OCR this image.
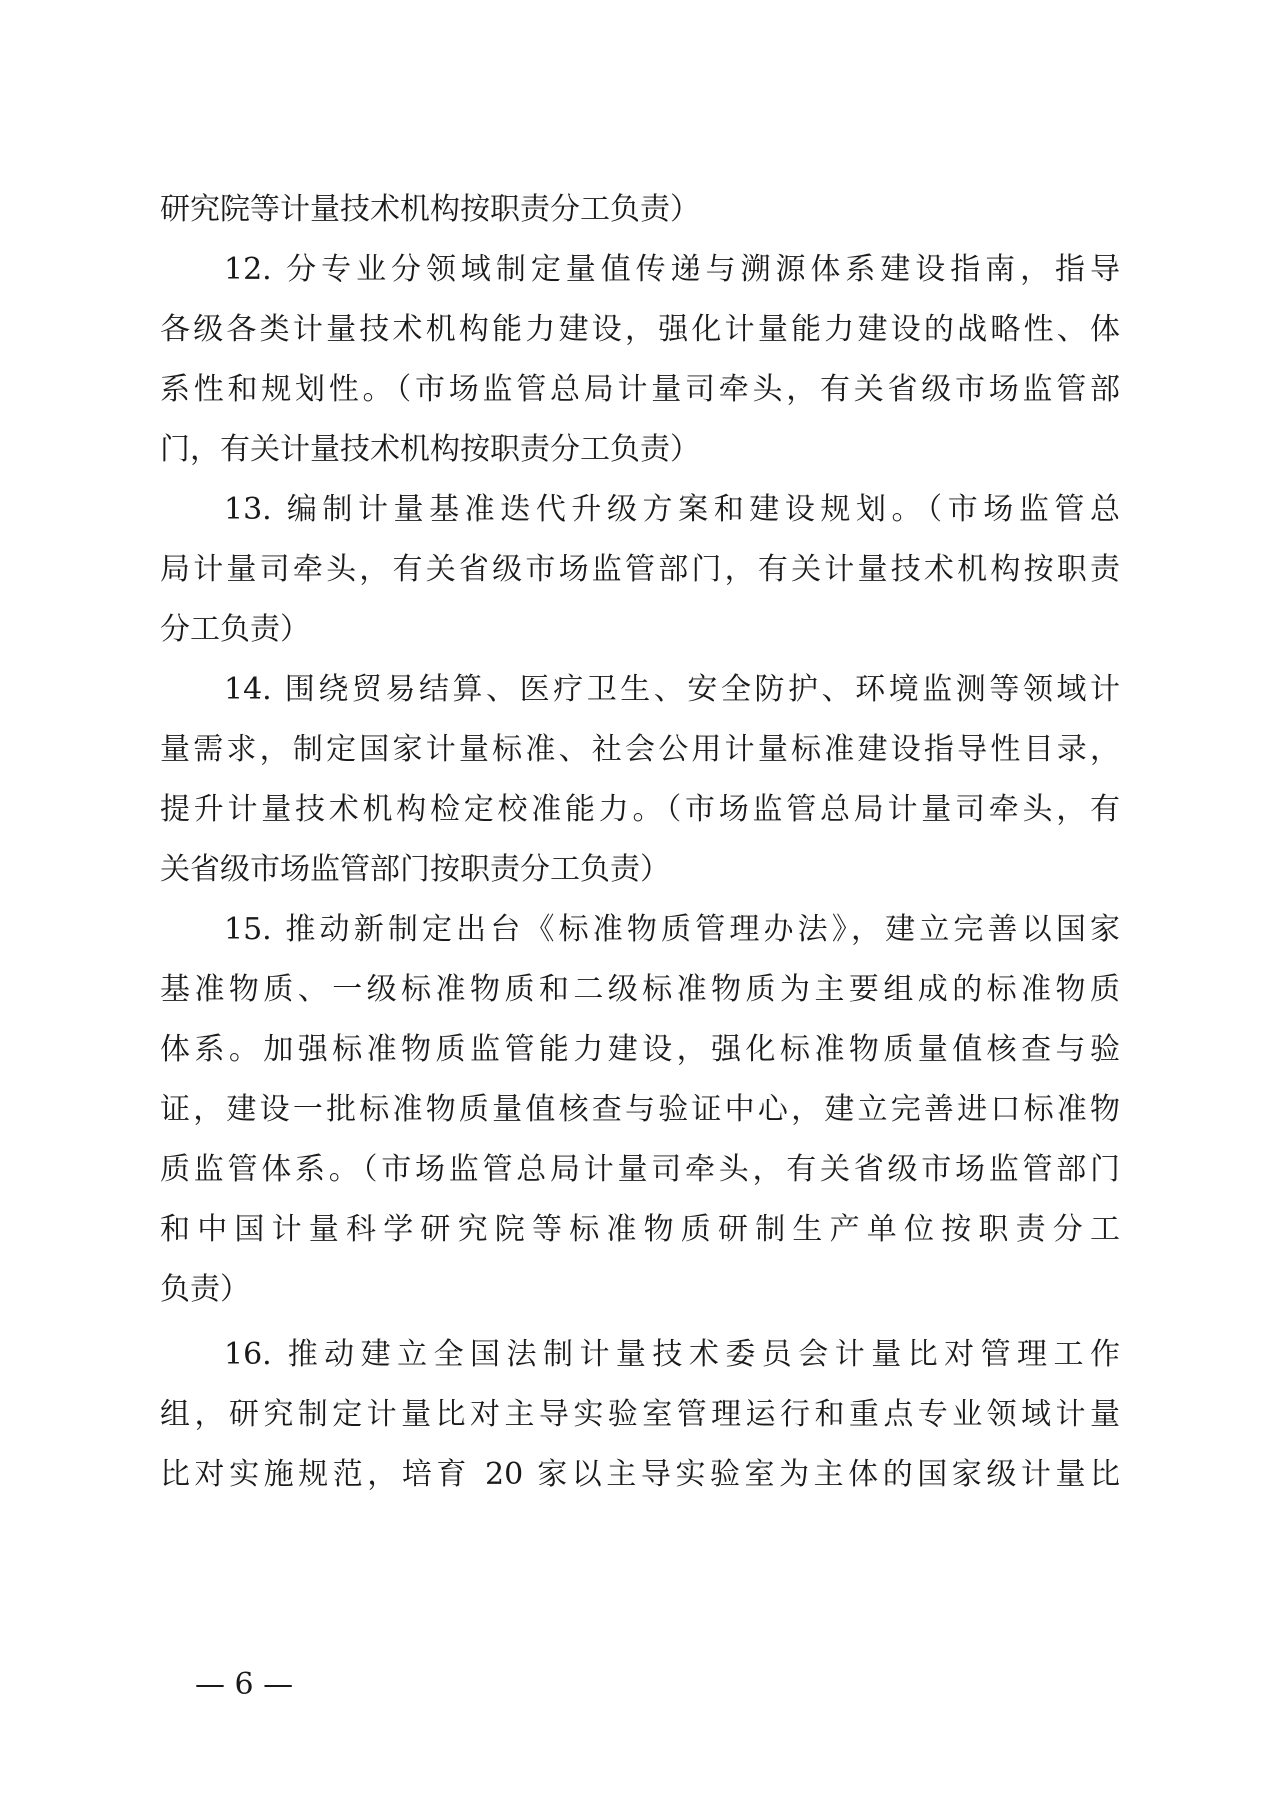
研究院等计量技术机构按职责分工负责）
12. 分专业分领域制定量值传递与溯源体系建设指南，指导
各级各类计量技术机构能力建设，强化计量能力建设的战略性、体
系性和规划性。（市场监管总局计量司牵头，有关省级市场监管部
门，有关计量技术机构按职责分工负责）
13. 编制计量基准迭代升级方案和建设规划。（市场监管总
局计量司牵头，有关省级市场监管部门，有关计量技术机构按职责
分工负责）
14. 围绕贸易结算、医疗卫生、安全防护、环境监测等领域计
量需求，制定国家计量标准、社会公用计量标准建设指导性目录，
提升计量技术机构检定校准能力。（市场监管总局计量司牵头，有
关省级市场监管部门按职责分工负责）
15. 推动新制定出台《标准物质管理办法》，建立完善以国家
基准物质、一级标准物质和二级标准物质为主要组成的标准物质
体系。加强标准物质监管能力建设，强化标准物质量值核查与验
证，建设一批标准物质量值核查与验证中心，建立完善进口标准物
质监管体系。（市场监管总局计量司牵头，有关省级市场监管部门
和中国计量科学研究院等标准物质研制生产单位按职责分工
负责）
16. 推动建立全国法制计量技术委员会计量比对管理工作
组，研究制定计量比对主导实验室管理运行和重点专业领域计量
比对实施规范，培育 20 家以主导实验室为主体的国家级计量比
— 6 —
